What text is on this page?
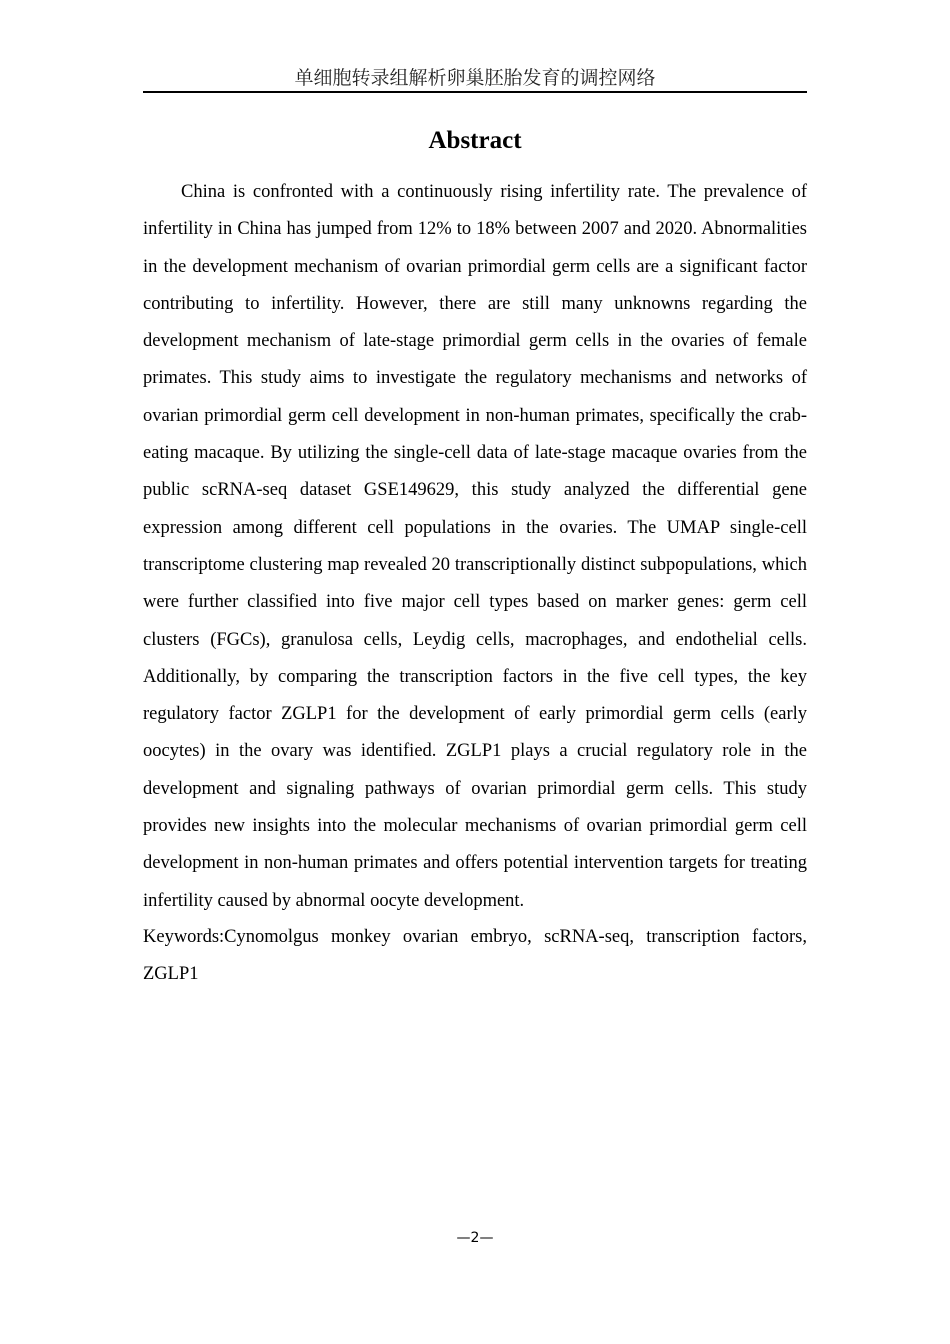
单细胞转录组解析卵巢胚胎发育的调控网络
Abstract

China is confronted with a continuously rising infertility rate. The prevalence of infertility in China has jumped from 12% to 18% between 2007 and 2020. Abnormalities in the development mechanism of ovarian primordial germ cells are a significant factor contributing to infertility. However, there are still many unknowns regarding the development mechanism of late-stage primordial germ cells in the ovaries of female primates. This study aims to investigate the regulatory mechanisms and networks of ovarian primordial germ cell development in non-human primates, specifically the crab-eating macaque. By utilizing the single-cell data of late-stage macaque ovaries from the public scRNA-seq dataset GSE149629, this study analyzed the differential gene expression among different cell populations in the ovaries. The UMAP single-cell transcriptome clustering map revealed 20 transcriptionally distinct subpopulations, which were further classified into five major cell types based on marker genes: germ cell clusters (FGCs), granulosa cells, Leydig cells, macrophages, and endothelial cells. Additionally, by comparing the transcription factors in the five cell types, the key regulatory factor ZGLP1 for the development of early primordial germ cells (early oocytes) in the ovary was identified. ZGLP1 plays a crucial regulatory role in the development and signaling pathways of ovarian primordial germ cells. This study provides new insights into the molecular mechanisms of ovarian primordial germ cell development in non-human primates and offers potential intervention targets for treating infertility caused by abnormal oocyte development.

Keywords:Cynomolgus monkey ovarian embryo, scRNA-seq, transcription factors, ZGLP1

—2—
